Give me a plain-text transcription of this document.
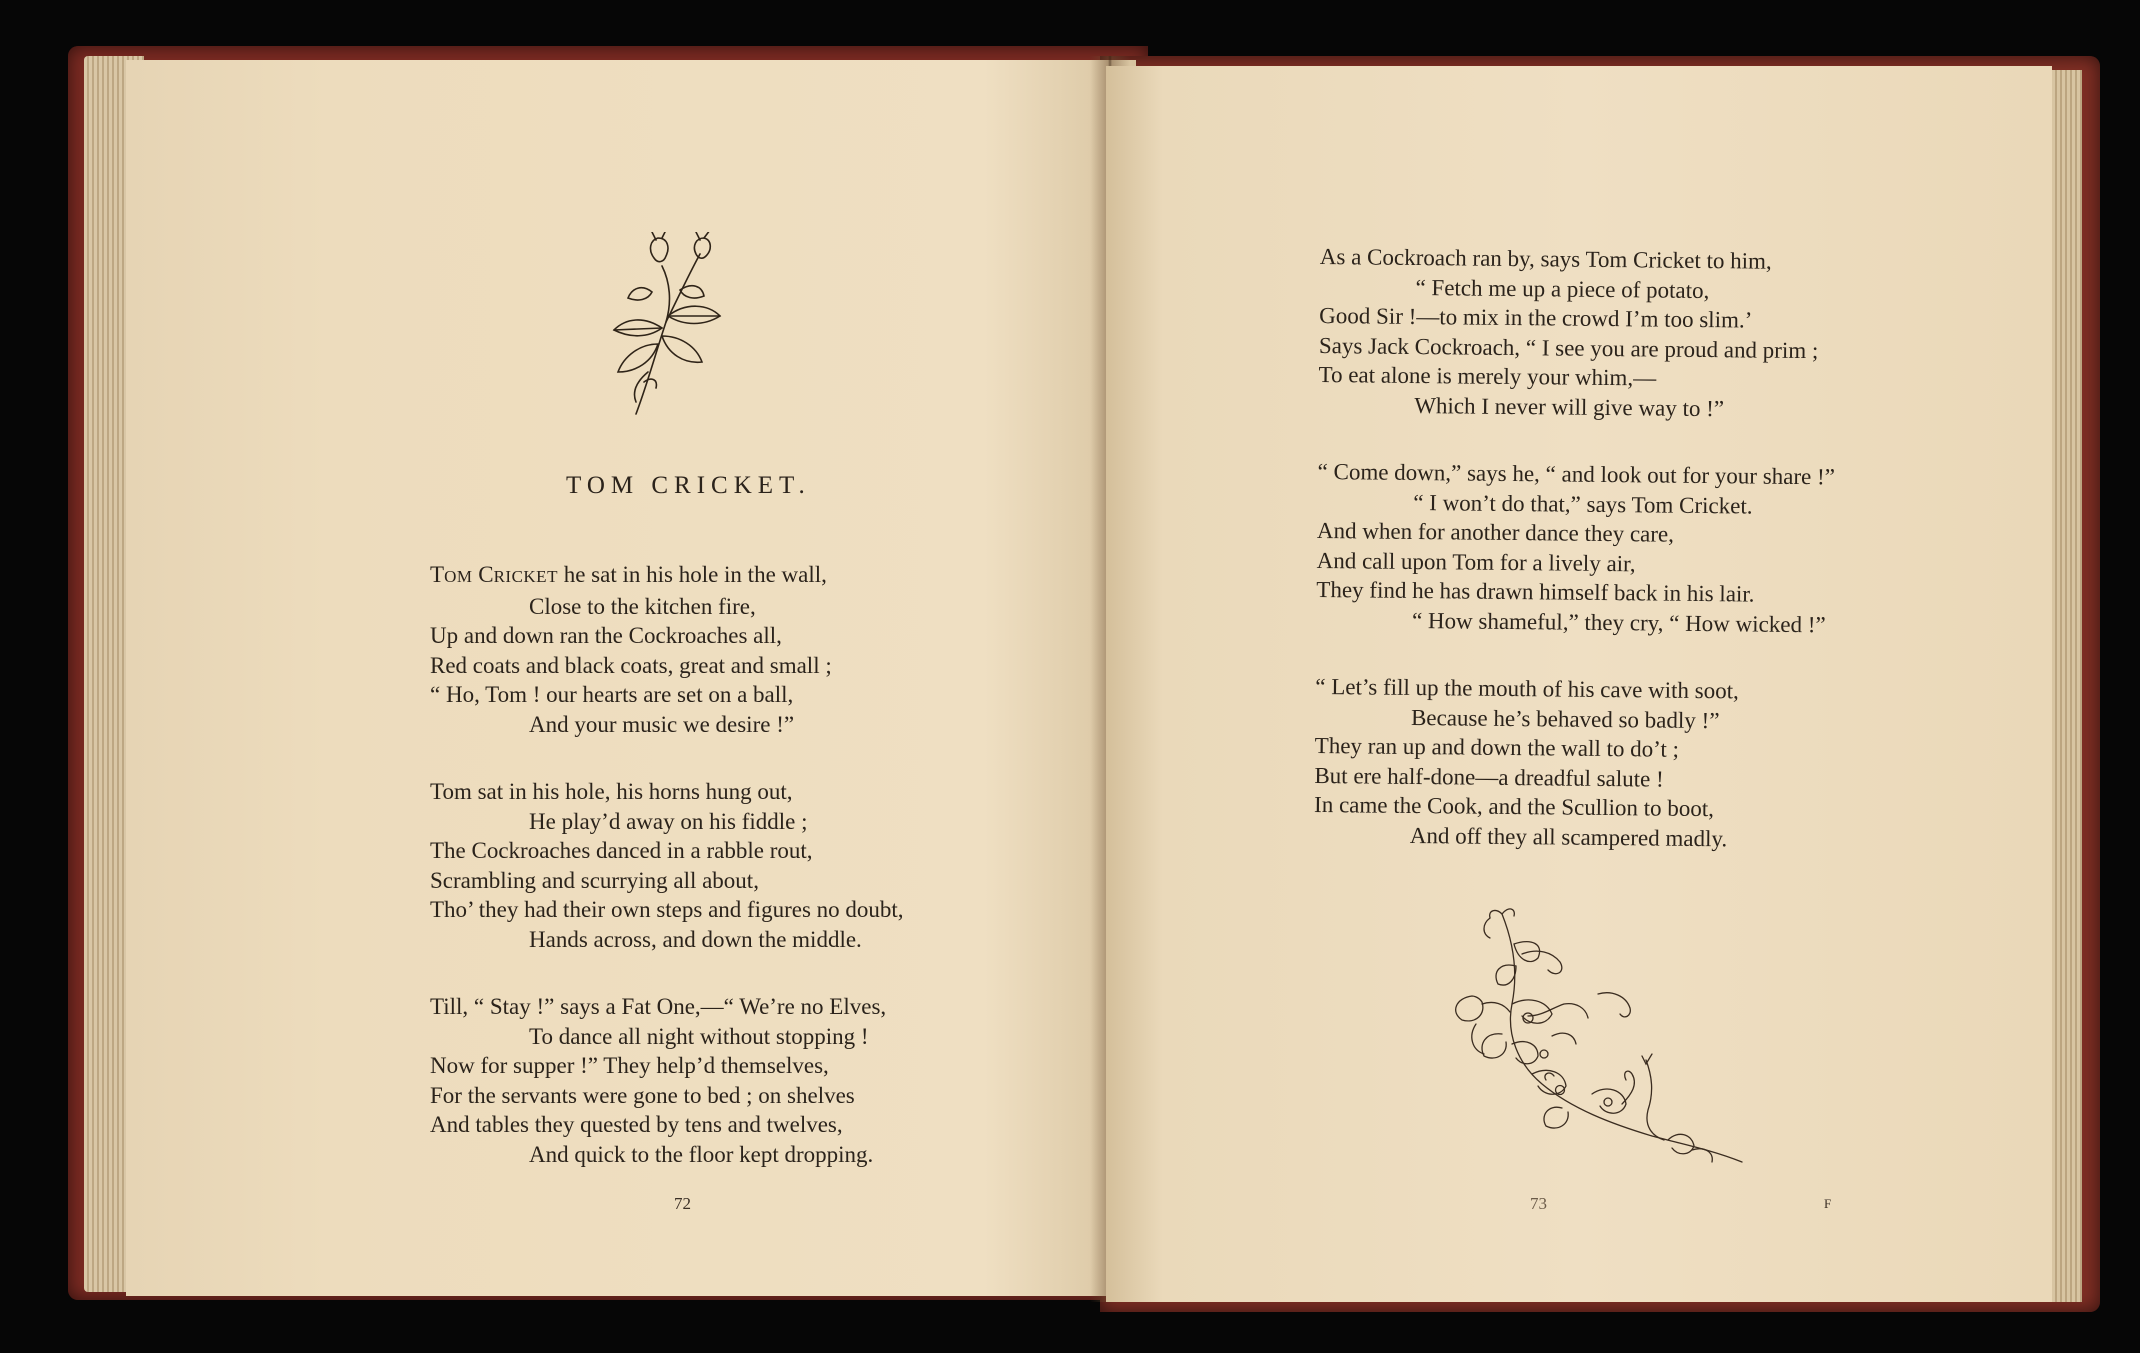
TOM CRICKET.
TOM CRICKET he sat in his hole in the wall,
Close to the kitchen fire,
Up and down ran the Cockroaches all,
Red coats and black coats, great and small ;
“ Ho, Tom ! our hearts are set on a ball,
And your music we desire !”
Tom sat in his hole, his horns hung out,
He play’d away on his fiddle ;
The Cockroaches danced in a rabble rout,
Scrambling and scurrying all about,
Tho’ they had their own steps and figures no doubt,
Hands across, and down the middle.
Till, “ Stay !” says a Fat One,—“ We’re no Elves,
To dance all night without stopping !
Now for supper !” They help’d themselves,
For the servants were gone to bed ; on shelves
And tables they quested by tens and twelves,
And quick to the floor kept dropping.
72
As a Cockroach ran by, says Tom Cricket to him,
“ Fetch me up a piece of potato,
Good Sir !—to mix in the crowd I’m too slim.’
Says Jack Cockroach, “ I see you are proud and prim ;
To eat alone is merely your whim,—
Which I never will give way to !”
“ Come down,” says he, “ and look out for your share !”
“ I won’t do that,” says Tom Cricket.
And when for another dance they care,
And call upon Tom for a lively air,
They find he has drawn himself back in his lair.
“ How shameful,” they cry, “ How wicked !”
“ Let’s fill up the mouth of his cave with soot,
Because he’s behaved so badly !”
They ran up and down the wall to do’t ;
But ere half-done—a dreadful salute !
In came the Cook, and the Scullion to boot,
And off they all scampered madly.
73	F
